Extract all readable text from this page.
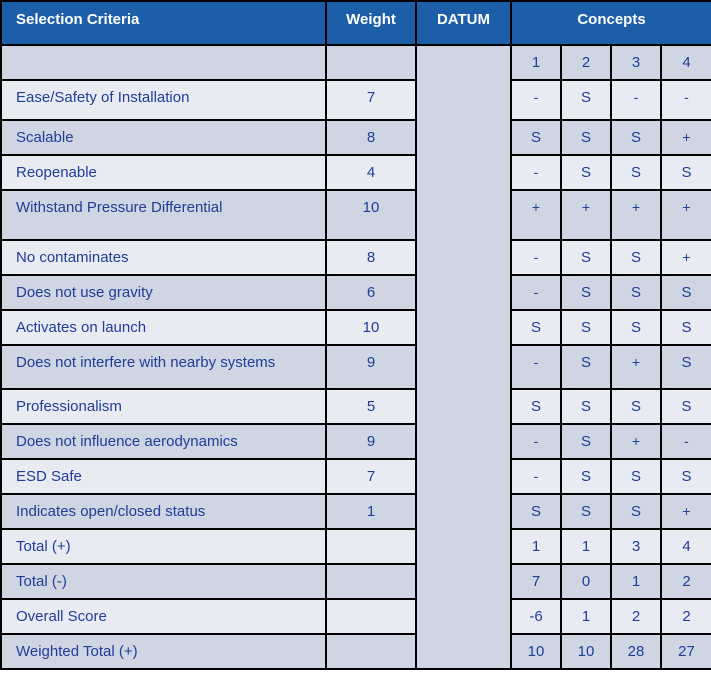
Selection Criteria	Weight	DATUM	Concepts			
			1	2	3	4
Ease/Safety of Installation	7		-	S	-	-
Scalable	8		S	S	S	+
Reopenable	4		-	S	S	S
Withstand Pressure Differential	10		+	+	+	+
No contaminates	8		-	S	S	+
Does not use gravity	6		-	S	S	S
Activates on launch	10		S	S	S	S
Does not interfere with nearby systems	9		-	S	+	S
Professionalism	5		S	S	S	S
Does not influence aerodynamics	9		-	S	+	-
ESD Safe	7		-	S	S	S
Indicates open/closed status	1		S	S	S	+
Total (+)			1	1	3	4
Total (-)			7	0	1	2
Overall Score			-6	1	2	2
Weighted Total (+)			10	10	28	27
